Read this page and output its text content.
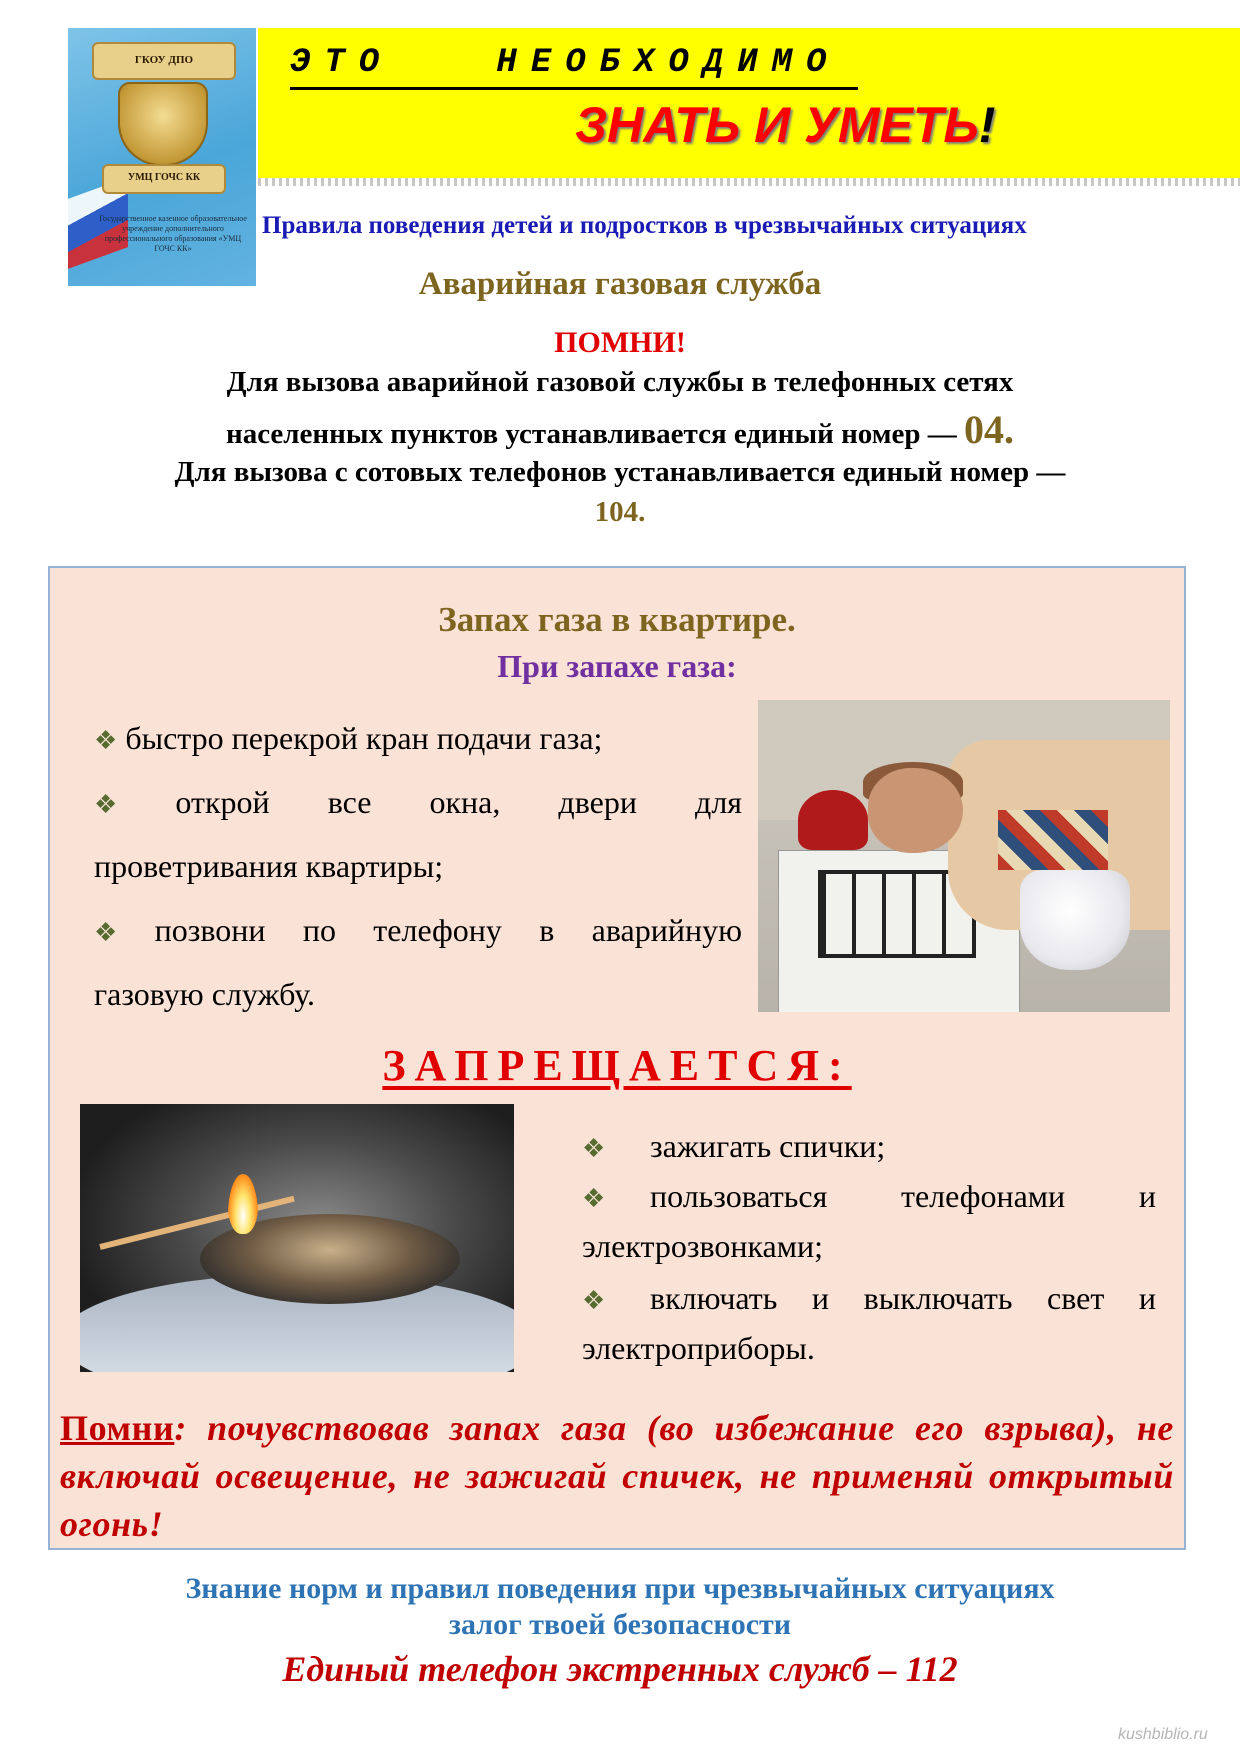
ГКОУ ДПО
УМЦ ГОЧС КК
Государственное казенное образовательное учреждение дополнительного профессионального образования «УМЦ ГОЧС КК»
ЭТО   НЕОБХОДИМО
ЗНАТЬ И УМЕТЬ!
Правила поведения детей и подростков в чрезвычайных ситуациях
Аварийная газовая служба
ПОМНИ!
Для вызова аварийной газовой службы в телефонных сетях
населенных пунктов устанавливается единый номер — 04.
Для вызова с сотовых телефонов устанавливается единый номер —
104.
Запах газа в квартире.
При запахе газа:
❖ быстро перекрой кран подачи газа;
❖ открой все окна, двери для
проветривания квартиры;
❖ позвони по телефону в аварийную
газовую службу.
ЗАПРЕЩАЕТСЯ:
❖ зажигать спички;
❖ пользоваться телефонами и
электрозвонками;
❖ включать и выключать свет и
электроприборы.
Помни: почувствовав запах газа (во избежание его взрыва), не включай освещение, не зажигай спичек, не применяй открытый огонь!
Знание норм и правил поведения при чрезвычайных ситуациях
залог твоей безопасности
Единый телефон экстренных служб – 112
kushbiblio.ru
